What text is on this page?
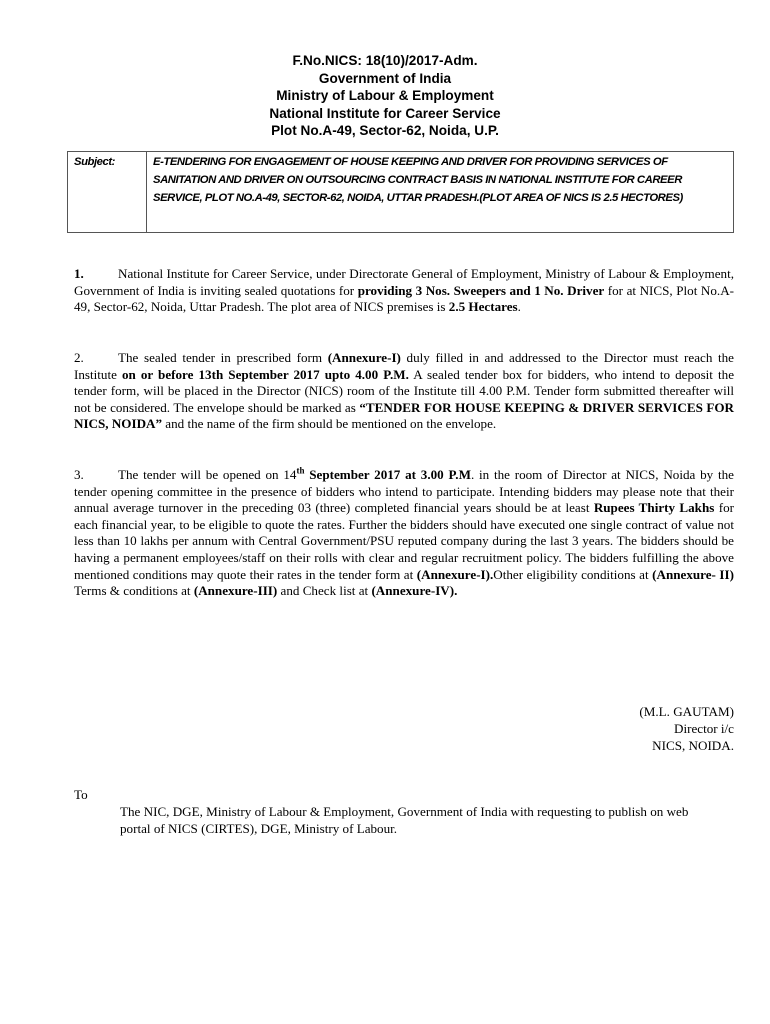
F.No.NICS: 18(10)/2017-Adm.
Government of India
Ministry of Labour & Employment
National Institute for Career Service
Plot No.A-49, Sector-62, Noida, U.P.
Subject:	E-TENDERING FOR ENGAGEMENT OF HOUSE KEEPING AND DRIVER FOR PROVIDING SERVICES OF SANITATION AND DRIVER ON OUTSOURCING CONTRACT BASIS IN NATIONAL INSTITUTE FOR CAREER SERVICE, PLOT NO.A-49, SECTOR-62, NOIDA, UTTAR PRADESH.(PLOT AREA OF NICS IS 2.5 HECTORES)
1.	National Institute for Career Service, under Directorate General of Employment, Ministry of Labour & Employment, Government of India is inviting sealed quotations for providing 3 Nos. Sweepers and 1 No. Driver for at NICS, Plot No.A-49, Sector-62, Noida, Uttar Pradesh. The plot area of NICS premises is 2.5 Hectares.
2.	The sealed tender in prescribed form (Annexure-I) duly filled in and addressed to the Director must reach the Institute on or before 13th September 2017 upto 4.00 P.M. A sealed tender box for bidders, who intend to deposit the tender form, will be placed in the Director (NICS) room of the Institute till 4.00 P.M. Tender form submitted thereafter will not be considered. The envelope should be marked as “TENDER FOR HOUSE KEEPING & DRIVER SERVICES FOR NICS, NOIDA” and the name of the firm should be mentioned on the envelope.
3.	The tender will be opened on 14th September 2017 at 3.00 P.M. in the room of Director at NICS, Noida by the tender opening committee in the presence of bidders who intend to participate. Intending bidders may please note that their annual average turnover in the preceding 03 (three) completed financial years should be at least Rupees Thirty Lakhs for each financial year, to be eligible to quote the rates. Further the bidders should have executed one single contract of value not less than 10 lakhs per annum with Central Government/PSU reputed company during the last 3 years. The bidders should be having a permanent employees/staff on their rolls with clear and regular recruitment policy. The bidders fulfilling the above mentioned conditions may quote their rates in the tender form at (Annexure-I).Other eligibility conditions at (Annexure- II) Terms & conditions at (Annexure-III) and Check list at (Annexure-IV).
(M.L. GAUTAM)
Director i/c
NICS, NOIDA.
To
The NIC, DGE, Ministry of Labour & Employment, Government of India with requesting to publish on web portal of NICS (CIRTES), DGE, Ministry of Labour.
